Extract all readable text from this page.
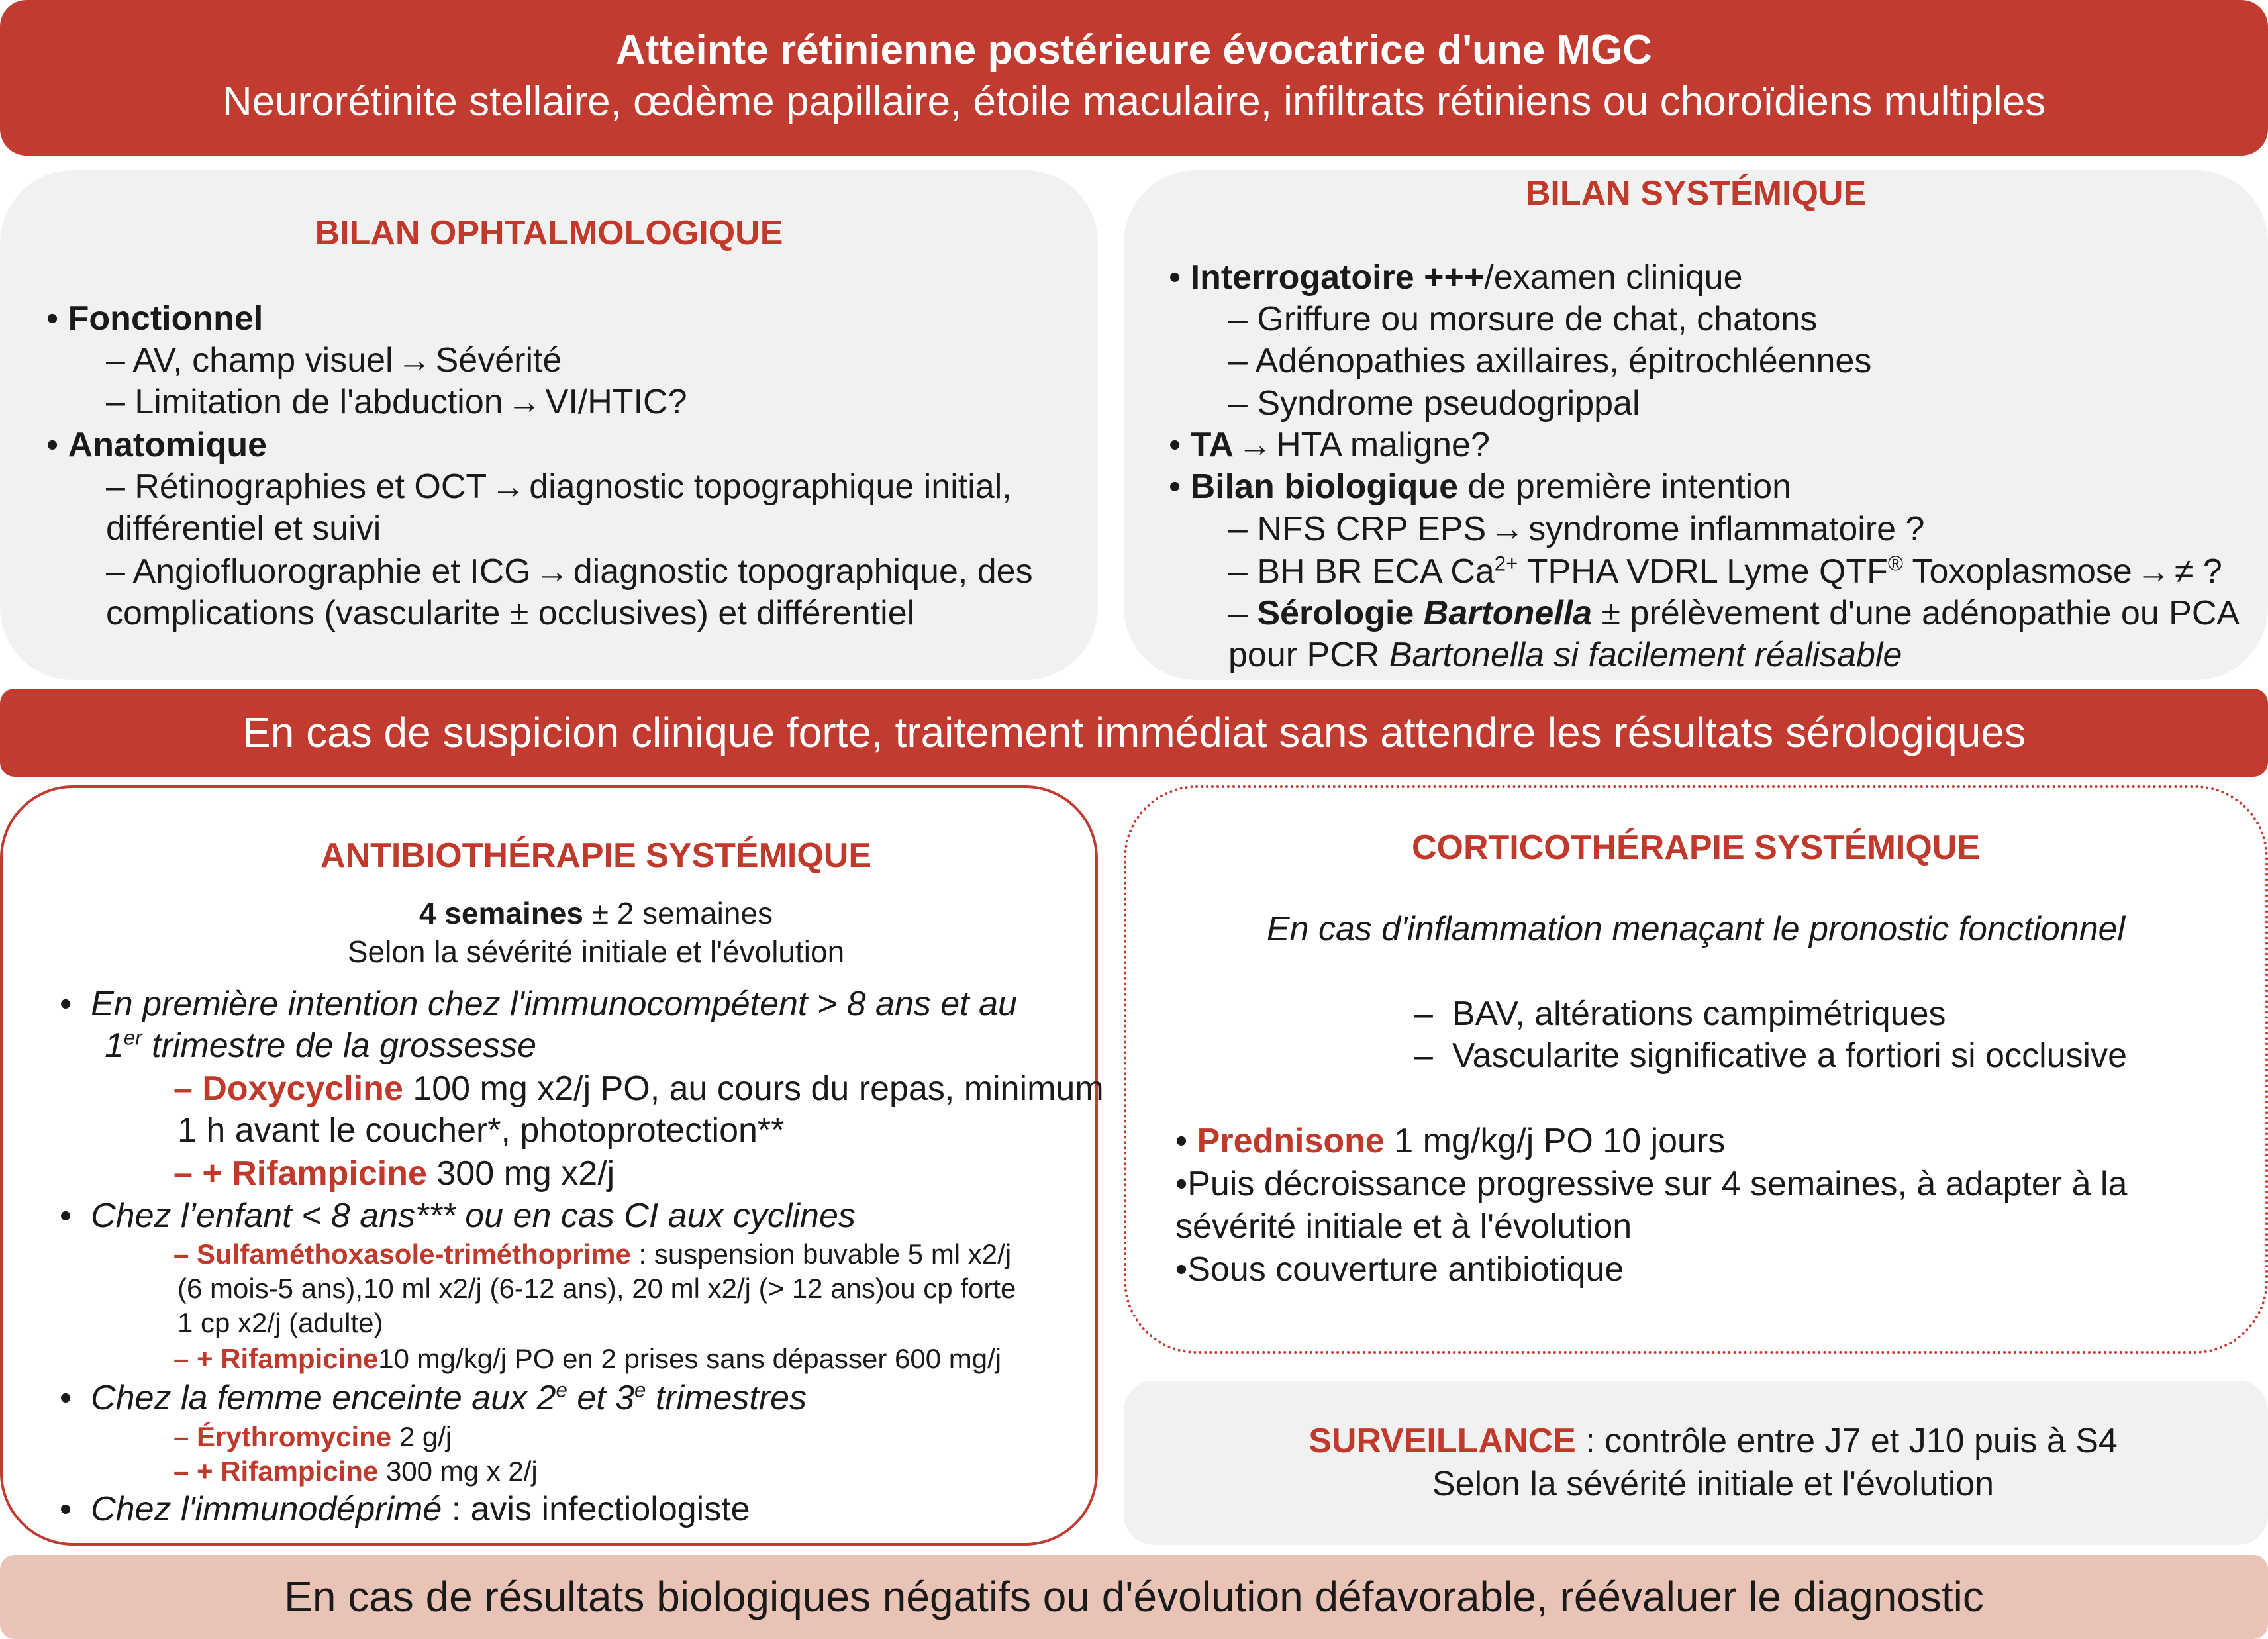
Atteinte rétinienne postérieure évocatrice d'une MGC
Neurorétinite stellaire, œdème papillaire, étoile maculaire, infiltrats rétiniens ou choroïdiens multiples
BILAN OPHTALMOLOGIQUE
• Fonctionnel
– AV, champ visuel → Sévérité
– Limitation de l'abduction → VI/HTIC?
• Anatomique
– Rétinographies et OCT → diagnostic topographique initial,
différentiel et suivi
– Angiofluorographie et ICG → diagnostic topographique, des
complications (vascularite ± occlusives) et différentiel
BILAN SYSTÉMIQUE
• Interrogatoire +++/examen clinique
– Griffure ou morsure de chat, chatons
– Adénopathies axillaires, épitrochléennes
– Syndrome pseudogrippal
• TA → HTA maligne?
• Bilan biologique de première intention
– NFS CRP EPS → syndrome inflammatoire ?
– BH BR ECA $Ca^{2+}$ TPHA VDRL Lyme QTF® Toxoplasmose → ≠ ?
– Sérologie Bartonella ± prélèvement d'une adénopathie ou PCA
pour PCR Bartonella si facilement réalisable
En cas de suspicion clinique forte, traitement immédiat sans attendre les résultats sérologiques
ANTIBIOTHÉRAPIE SYSTÉMIQUE
4 semaines ± 2 semaines
Selon la sévérité initiale et l'évolution
•  En première intention chez l'immunocompétent > 8 ans et au
1er trimestre de la grossesse
– Doxycycline 100 mg x2/j PO, au cours du repas, minimum
1 h avant le coucher*, photoprotection**
– + Rifampicine 300 mg x2/j
•  Chez l’enfant < 8 ans*** ou en cas CI aux cyclines
– Sulfaméthoxasole-triméthoprime : suspension buvable 5 ml x2/j
(6 mois-5 ans),10 ml x2/j (6-12 ans), 20 ml x2/j (> 12 ans)ou cp forte
1 cp x2/j (adulte)
– + Rifampicine10 mg/kg/j PO en 2 prises sans dépasser 600 mg/j
•  Chez la femme enceinte aux 2e et 3e trimestres
– Érythromycine 2 g/j
– + Rifampicine 300 mg x 2/j
•  Chez l'immunodéprimé : avis infectiologiste
CORTICOTHÉRAPIE SYSTÉMIQUE
En cas d'inflammation menaçant le pronostic fonctionnel
–  BAV, altérations campimétriques
–  Vascularite significative a fortiori si occlusive
• Prednisone 1 mg/kg/j PO 10 jours
•Puis décroissance progressive sur 4 semaines, à adapter à la
sévérité initiale et à l'évolution
•Sous couverture antibiotique
SURVEILLANCE : contrôle entre J7 et J10 puis à S4
Selon la sévérité initiale et l'évolution
En cas de résultats biologiques négatifs ou d'évolution défavorable, réévaluer le diagnostic
